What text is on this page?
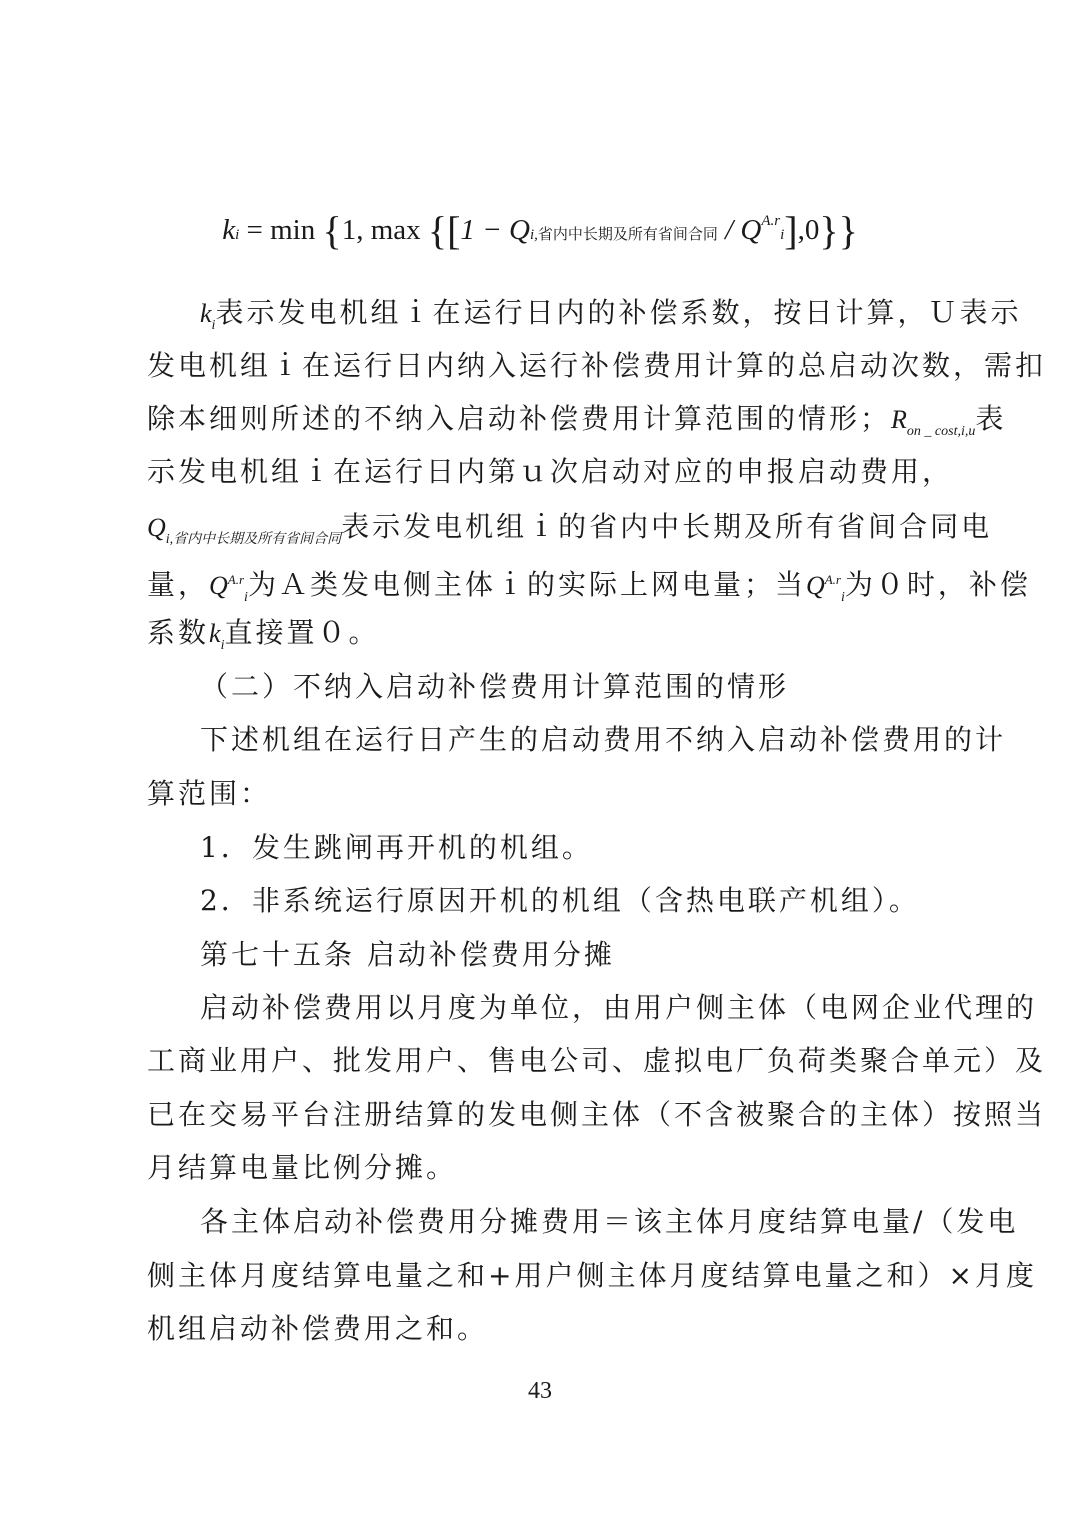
ki = min {1, max {[1 − Qi,省内中长期及所有省间合同 / $Q^{A.r}i],0$}}
$k_i$表示发电机组ｉ在运行日内的补偿系数，按日计算，Ｕ表示
发电机组ｉ在运行日内纳入运行补偿费用计算的总启动次数，需扣
除本细则所述的不纳入启动补偿费用计算范围的情形；$R_{on \_ cost,i,u}$表
示发电机组ｉ在运行日内第ｕ次启动对应的申报启动费用，
$Q_{i,省内中长期及所有省间合同}$表示发电机组ｉ的省内中长期及所有省间合同电
量，$Q^{A.r}_i$为Ａ类发电侧主体ｉ的实际上网电量；当$Q^{A.r}_i$为０时，补偿
系数$k_i$直接置０。
（二）不纳入启动补偿费用计算范围的情形
下述机组在运行日产生的启动费用不纳入启动补偿费用的计
算范围：
1．发生跳闸再开机的机组。
2．非系统运行原因开机的机组（含热电联产机组）。
第七十五条 启动补偿费用分摊
启动补偿费用以月度为单位，由用户侧主体（电网企业代理的
工商业用户、批发用户、售电公司、虚拟电厂负荷类聚合单元）及
已在交易平台注册结算的发电侧主体（不含被聚合的主体）按照当
月结算电量比例分摊。
各主体启动补偿费用分摊费用＝该主体月度结算电量/（发电
侧主体月度结算电量之和+用户侧主体月度结算电量之和）×月度
机组启动补偿费用之和。
43
